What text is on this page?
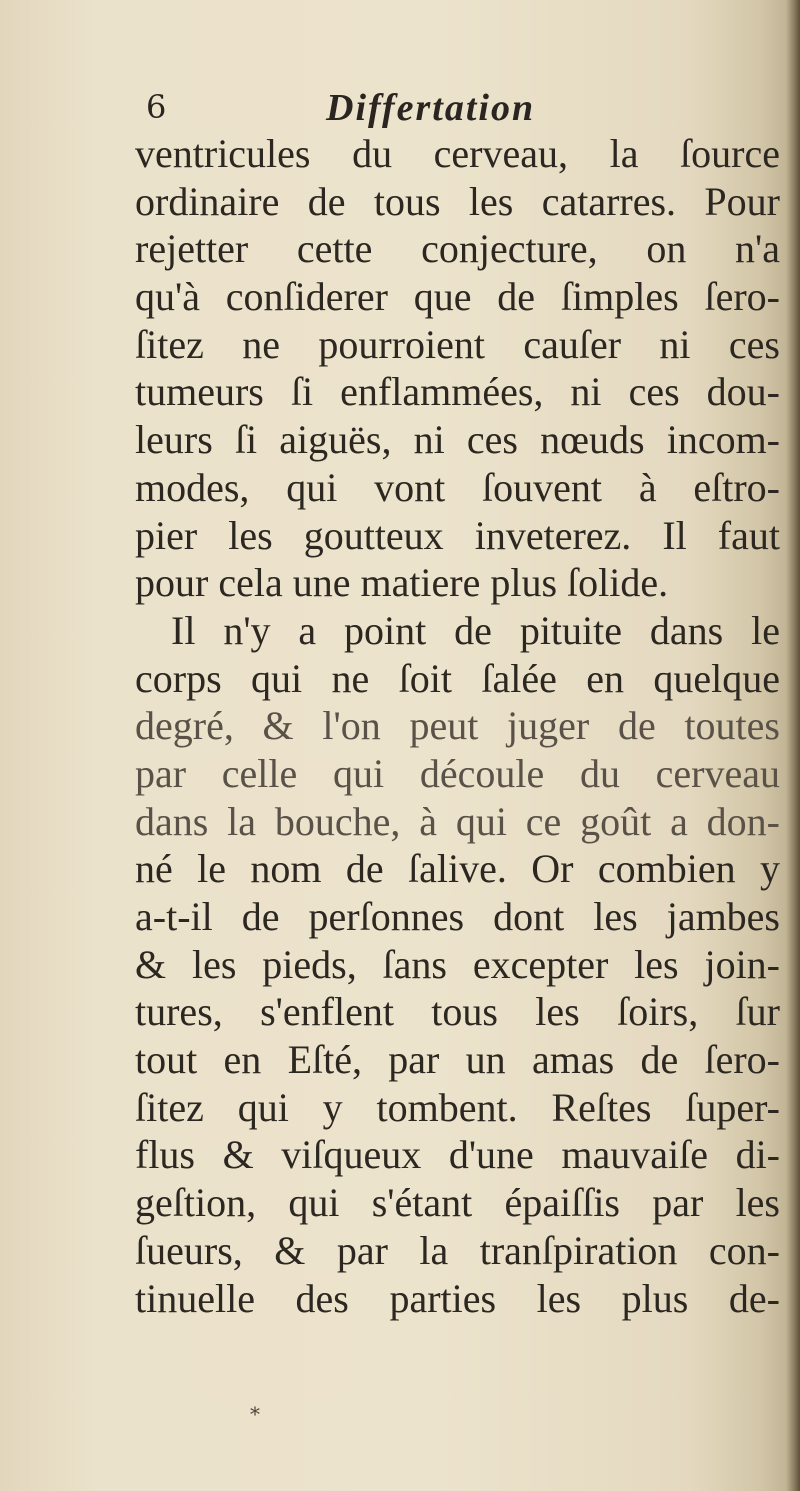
6	Differtation
ventricules du cerveau, la ſource
ordinaire de tous les catarres. Pour
rejetter cette conjecture, on n'a
qu'à conſiderer que de ſimples ſero-
ſitez ne pourroient cauſer ni ces
tumeurs ſi enflammées, ni ces dou-
leurs ſi aiguës, ni ces nœuds incom-
modes, qui vont ſouvent à eſtro-
pier les goutteux inveterez. Il faut
pour cela une matiere plus ſolide.
Il n'y a point de pituite dans le
corps qui ne ſoit ſalée en quelque
degré, & l'on peut juger de toutes
par celle qui découle du cerveau
dans la bouche, à qui ce goût a don-
né le nom de ſalive. Or combien y
a-t-il de perſonnes dont les jambes
& les pieds, ſans excepter les join-
tures, s'enflent tous les ſoirs, ſur
tout en Eſté, par un amas de ſero-
ſitez qui y tombent. Reſtes ſuper-
flus & viſqueux d'une mauvaiſe di-
geſtion, qui s'étant épaiſſis par les
ſueurs, & par la tranſpiration con-
tinuelle des parties les plus de-
*
